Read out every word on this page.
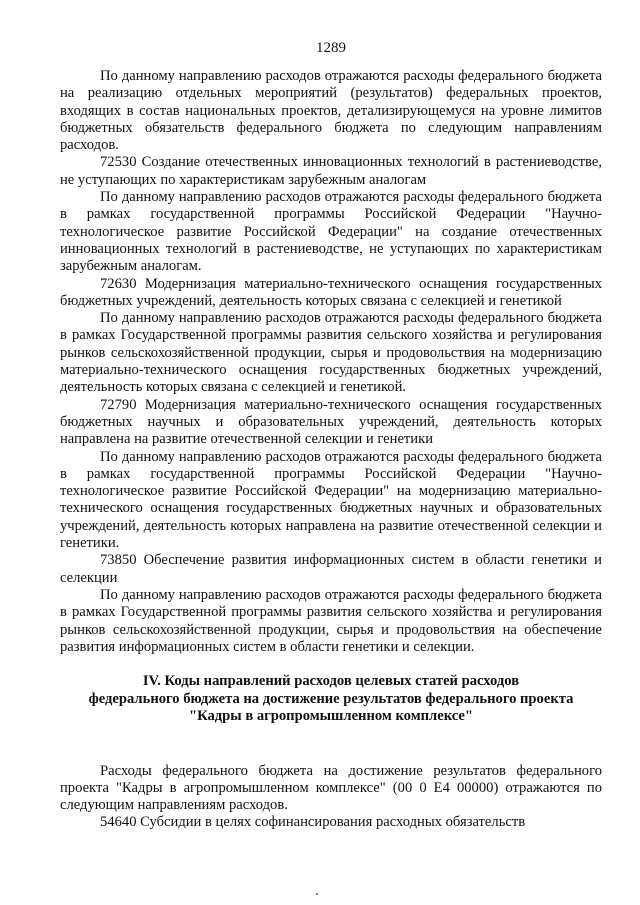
1289

По данному направлению расходов отражаются расходы федерального бюджета на реализацию отдельных мероприятий (результатов) федеральных проектов, входящих в состав национальных проектов, детализирующемуся на уровне лимитов бюджетных обязательств федерального бюджета по следующим направлениям расходов.

72530 Создание отечественных инновационных технологий в растениеводстве, не уступающих по характеристикам зарубежным аналогам

По данному направлению расходов отражаются расходы федерального бюджета в рамках государственной программы Российской Федерации "Научно-технологическое развитие Российской Федерации" на создание отечественных инновационных технологий в растениеводстве, не уступающих по характеристикам зарубежным аналогам.

72630 Модернизация материально-технического оснащения государственных бюджетных учреждений, деятельность которых связана с селекцией и генетикой

По данному направлению расходов отражаются расходы федерального бюджета в рамках Государственной программы развития сельского хозяйства и регулирования рынков сельскохозяйственной продукции, сырья и продовольствия на модернизацию материально-технического оснащения государственных бюджетных учреждений, деятельность которых связана с селекцией и генетикой.

72790 Модернизация материально-технического оснащения государственных бюджетных научных и образовательных учреждений, деятельность которых направлена на развитие отечественной селекции и генетики

По данному направлению расходов отражаются расходы федерального бюджета в рамках государственной программы Российской Федерации "Научно-технологическое развитие Российской Федерации" на модернизацию материально-технического оснащения государственных бюджетных научных и образовательных учреждений, деятельность которых направлена на развитие отечественной селекции и генетики.

73850 Обеспечение развития информационных систем в области генетики и селекции

По данному направлению расходов отражаются расходы федерального бюджета в рамках Государственной программы развития сельского хозяйства и регулирования рынков сельскохозяйственной продукции, сырья и продовольствия на обеспечение развития информационных систем в области генетики и селекции.

IV. Коды направлений расходов целевых статей расходов
федерального бюджета на достижение результатов федерального проекта
"Кадры в агропромышленном комплексе"

Расходы федерального бюджета на достижение результатов федерального проекта "Кадры в агропромышленном комплексе" (00 0 Е4 00000) отражаются по следующим направлениям расходов.

54640 Субсидии в целях софинансирования расходных обязательств
